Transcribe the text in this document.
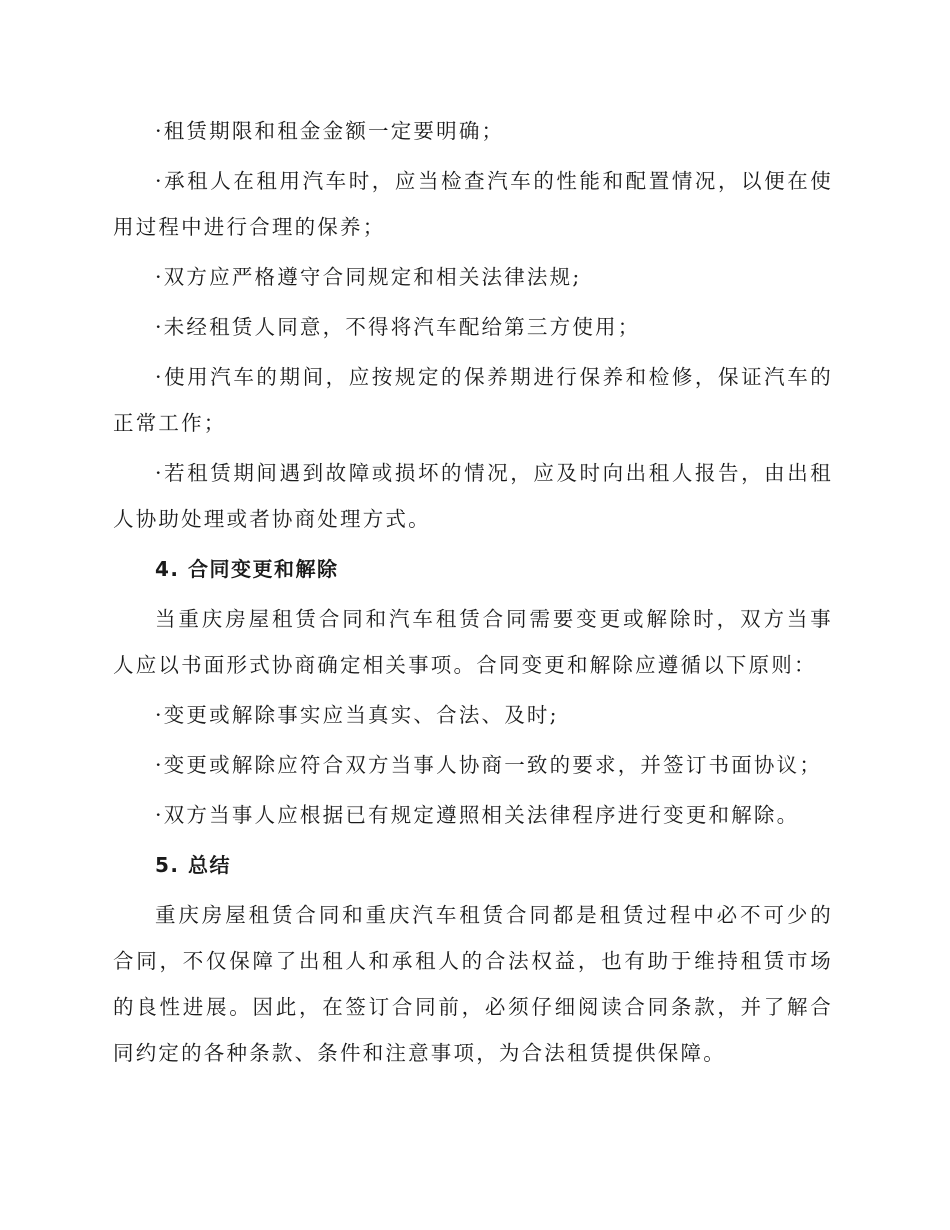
·租赁期限和租金金额一定要明确；

·承租人在租用汽车时，应当检查汽车的性能和配置情况，以便在使用过程中进行合理的保养；

·双方应严格遵守合同规定和相关法律法规;

·未经租赁人同意，不得将汽车配给第三方使用；

·使用汽车的期间，应按规定的保养期进行保养和检修，保证汽车的正常工作；

·若租赁期间遇到故障或损坏的情况，应及时向出租人报告，由出租人协助处理或者协商处理方式。

4. 合同变更和解除

当重庆房屋租赁合同和汽车租赁合同需要变更或解除时，双方当事人应以书面形式协商确定相关事项。合同变更和解除应遵循以下原则：

·变更或解除事实应当真实、合法、及时;

·变更或解除应符合双方当事人协商一致的要求，并签订书面协议；

·双方当事人应根据已有规定遵照相关法律程序进行变更和解除。

5. 总结

重庆房屋租赁合同和重庆汽车租赁合同都是租赁过程中必不可少的合同，不仅保障了出租人和承租人的合法权益，也有助于维持租赁市场的良性进展。因此，在签订合同前，必须仔细阅读合同条款，并了解合同约定的各种条款、条件和注意事项，为合法租赁提供保障。
